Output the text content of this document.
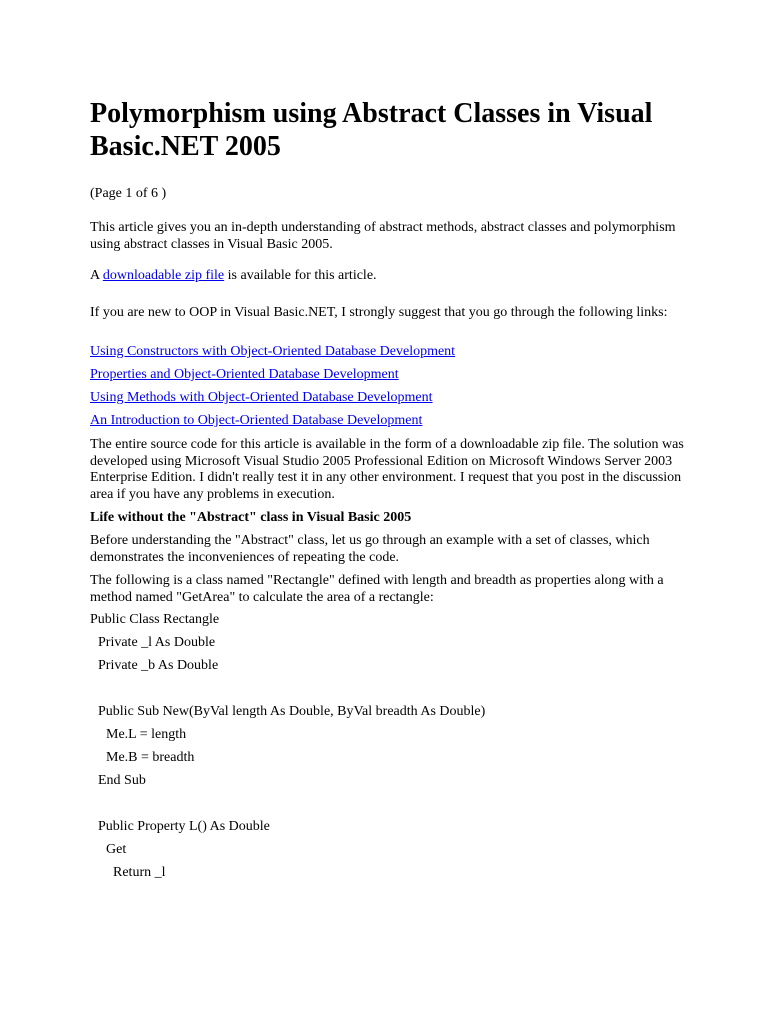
Polymorphism using Abstract Classes in Visual Basic.NET 2005

(Page 1 of 6 )

This article gives you an in-depth understanding of abstract methods, abstract classes and polymorphism using abstract classes in Visual Basic 2005.

A downloadable zip file is available for this article.

If you are new to OOP in Visual Basic.NET, I strongly suggest that you go through the following links:

Using Constructors with Object-Oriented Database Development

Properties and Object-Oriented Database Development

Using Methods with Object-Oriented Database Development

An Introduction to Object-Oriented Database Development

The entire source code for this article is available in the form of a downloadable zip file. The solution was developed using Microsoft Visual Studio 2005 Professional Edition on Microsoft Windows Server 2003 Enterprise Edition. I didn't really test it in any other environment. I request that you post in the discussion area if you have any problems in execution.

Life without the "Abstract" class in Visual Basic 2005

Before understanding the "Abstract" class, let us go through an example with a set of classes, which demonstrates the inconveniences of repeating the code.

The following is a class named "Rectangle" defined with length and breadth as properties along with a method named "GetArea" to calculate the area of a rectangle:

Public Class Rectangle
Private _l As Double
Private _b As Double
Public Sub New(ByVal length As Double, ByVal breadth As Double)
Me.L = length
Me.B = breadth
End Sub
Public Property L() As Double
Get
Return _l
